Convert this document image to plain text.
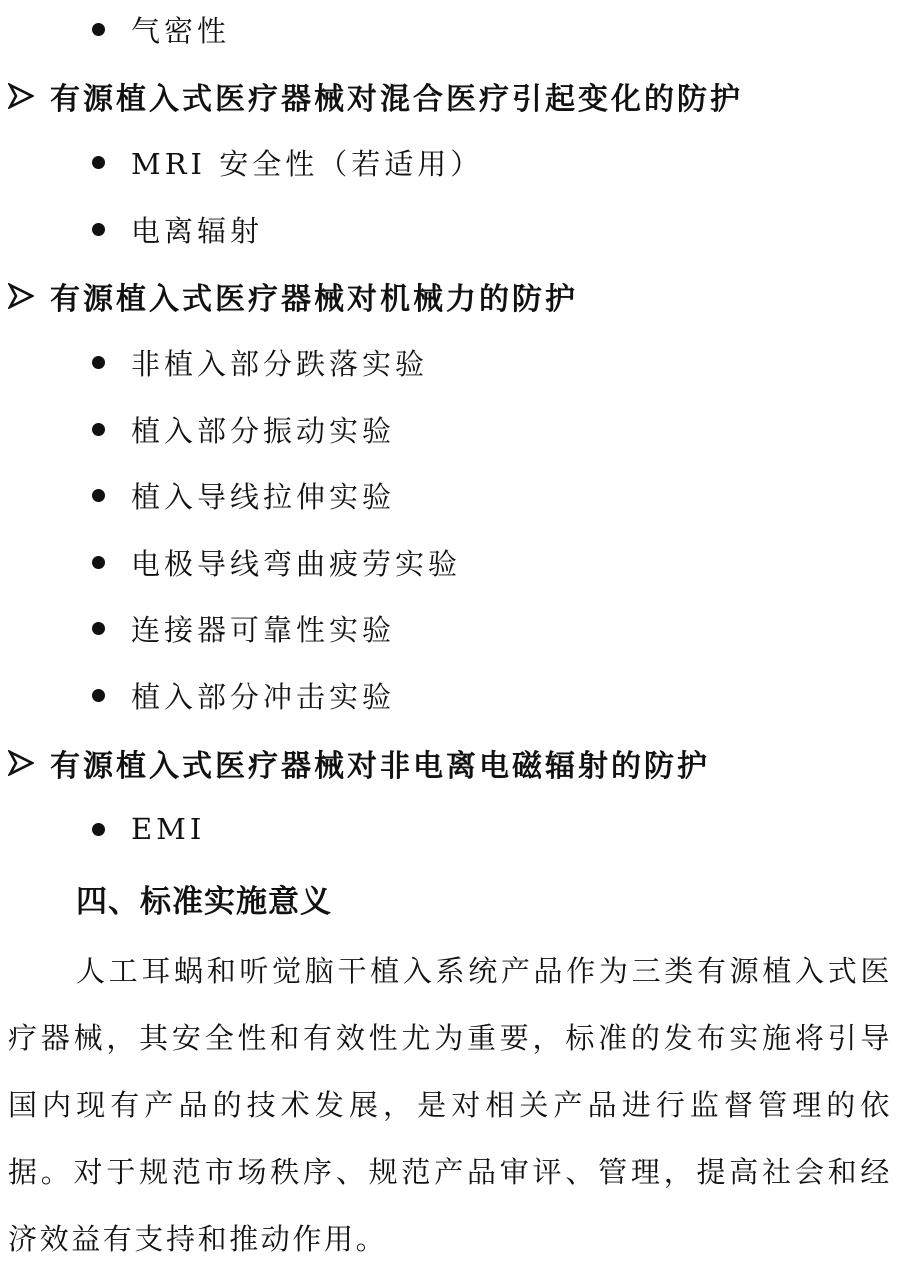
气密性
有源植入式医疗器械对混合医疗引起变化的防护
MRI 安全性（若适用）
电离辐射
有源植入式医疗器械对机械力的防护
非植入部分跌落实验
植入部分振动实验
植入导线拉伸实验
电极导线弯曲疲劳实验
连接器可靠性实验
植入部分冲击实验
有源植入式医疗器械对非电离电磁辐射的防护
EMI
四、标准实施意义

人工耳蜗和听觉脑干植入系统产品作为三类有源植入式医疗器械，其安全性和有效性尤为重要，标准的发布实施将引导国内现有产品的技术发展，是对相关产品进行监督管理的依据。对于规范市场秩序、规范产品审评、管理，提高社会和经济效益有支持和推动作用。
